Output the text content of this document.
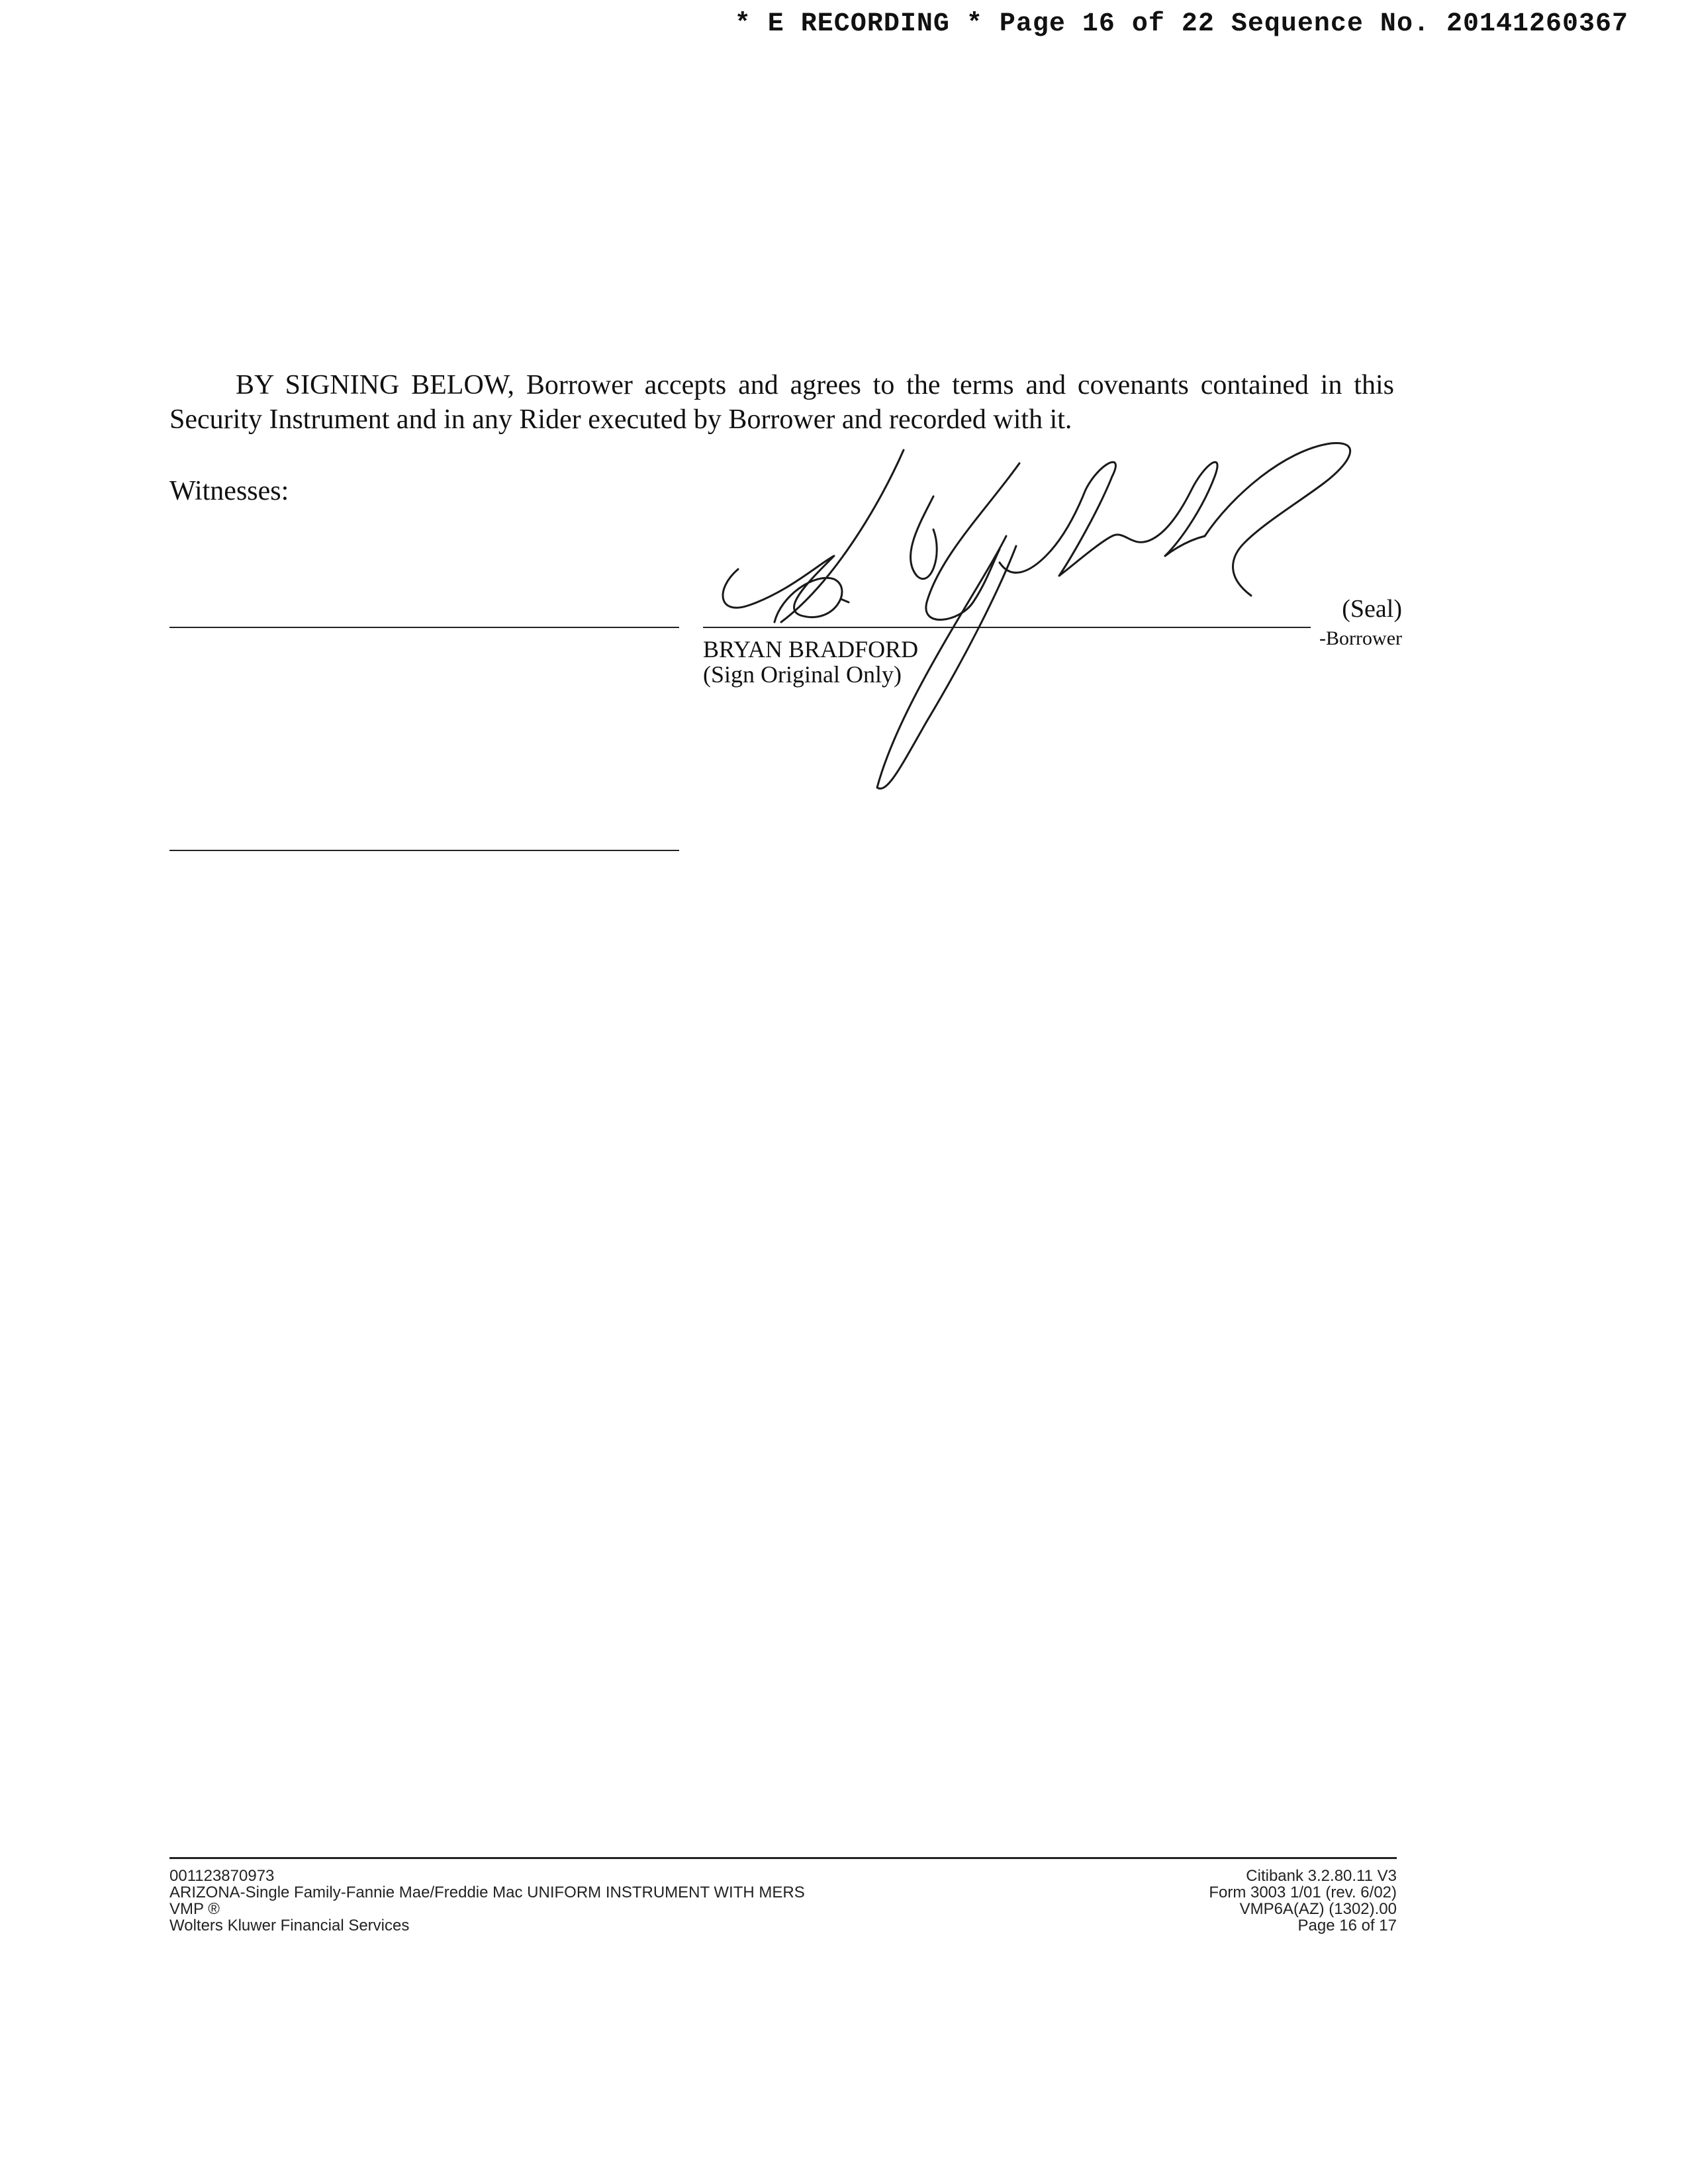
* E RECORDING * Page 16 of 22 Sequence No. 20141260367
BY SIGNING BELOW, Borrower accepts and agrees to the terms and covenants contained in this Security Instrument and in any Rider executed by Borrower and recorded with it.
Witnesses:
(Seal)
-Borrower
BRYAN BRADFORD
(Sign Original Only)
001123870973
ARIZONA-Single Family-Fannie Mae/Freddie Mac UNIFORM INSTRUMENT WITH MERS
VMP ®
Wolters Kluwer Financial Services
Citibank 3.2.80.11 V3
Form 3003 1/01 (rev. 6/02)
VMP6A(AZ) (1302).00
Page 16 of 17
